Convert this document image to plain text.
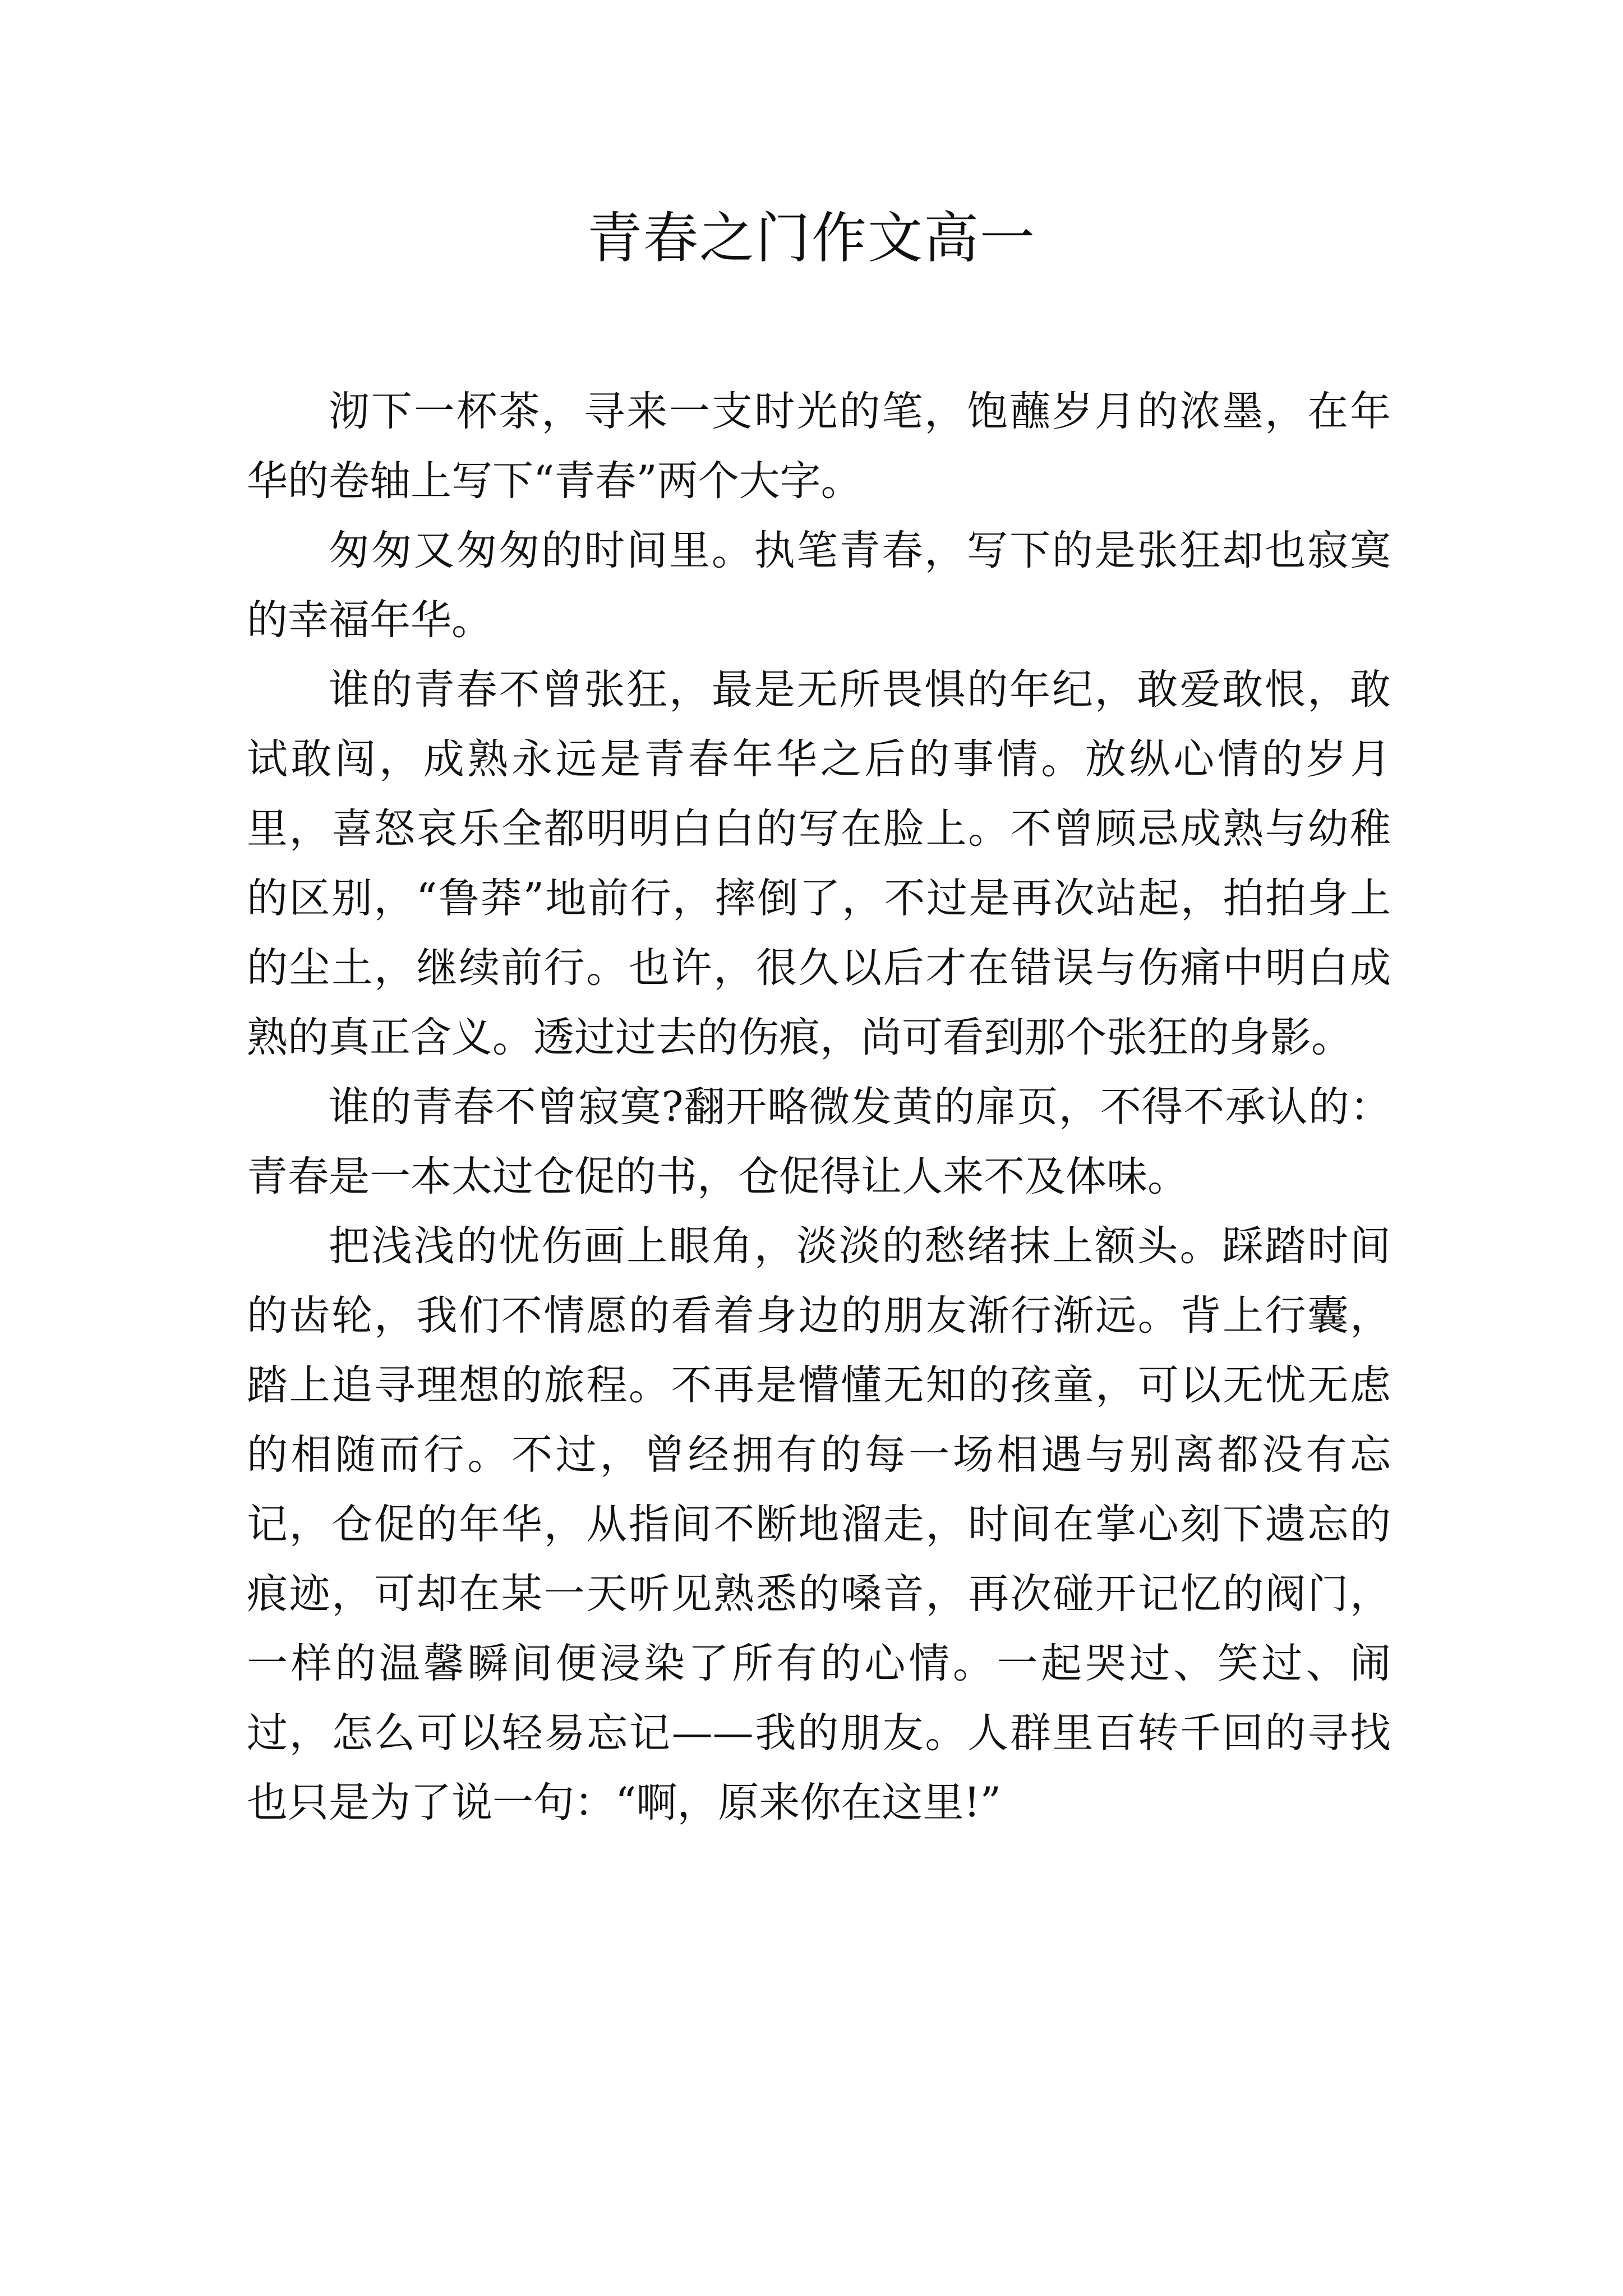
青春之门作文高一

沏下一杯茶，寻来一支时光的笔，饱蘸岁月的浓墨，在年华的卷轴上写下“青春”两个大字。

匆匆又匆匆的时间里。执笔青春，写下的是张狂却也寂寞的幸福年华。

谁的青春不曾张狂，最是无所畏惧的年纪，敢爱敢恨，敢试敢闯，成熟永远是青春年华之后的事情。放纵心情的岁月里，喜怒哀乐全都明明白白的写在脸上。不曾顾忌成熟与幼稚的区别，“鲁莽”地前行，摔倒了，不过是再次站起，拍拍身上的尘土，继续前行。也许，很久以后才在错误与伤痛中明白成熟的真正含义。透过过去的伤痕，尚可看到那个张狂的身影。

谁的青春不曾寂寞?翻开略微发黄的扉页，不得不承认的：青春是一本太过仓促的书，仓促得让人来不及体味。

把浅浅的忧伤画上眼角，淡淡的愁绪抹上额头。踩踏时间的齿轮，我们不情愿的看着身边的朋友渐行渐远。背上行囊，踏上追寻理想的旅程。不再是懵懂无知的孩童，可以无忧无虑的相随而行。不过，曾经拥有的每一场相遇与别离都没有忘记，仓促的年华，从指间不断地溜走，时间在掌心刻下遗忘的痕迹，可却在某一天听见熟悉的嗓音，再次碰开记忆的阀门，一样的温馨瞬间便浸染了所有的心情。一起哭过、笑过、闹过，怎么可以轻易忘记——我的朋友。人群里百转千回的寻找也只是为了说一句：“啊，原来你在这里!”
